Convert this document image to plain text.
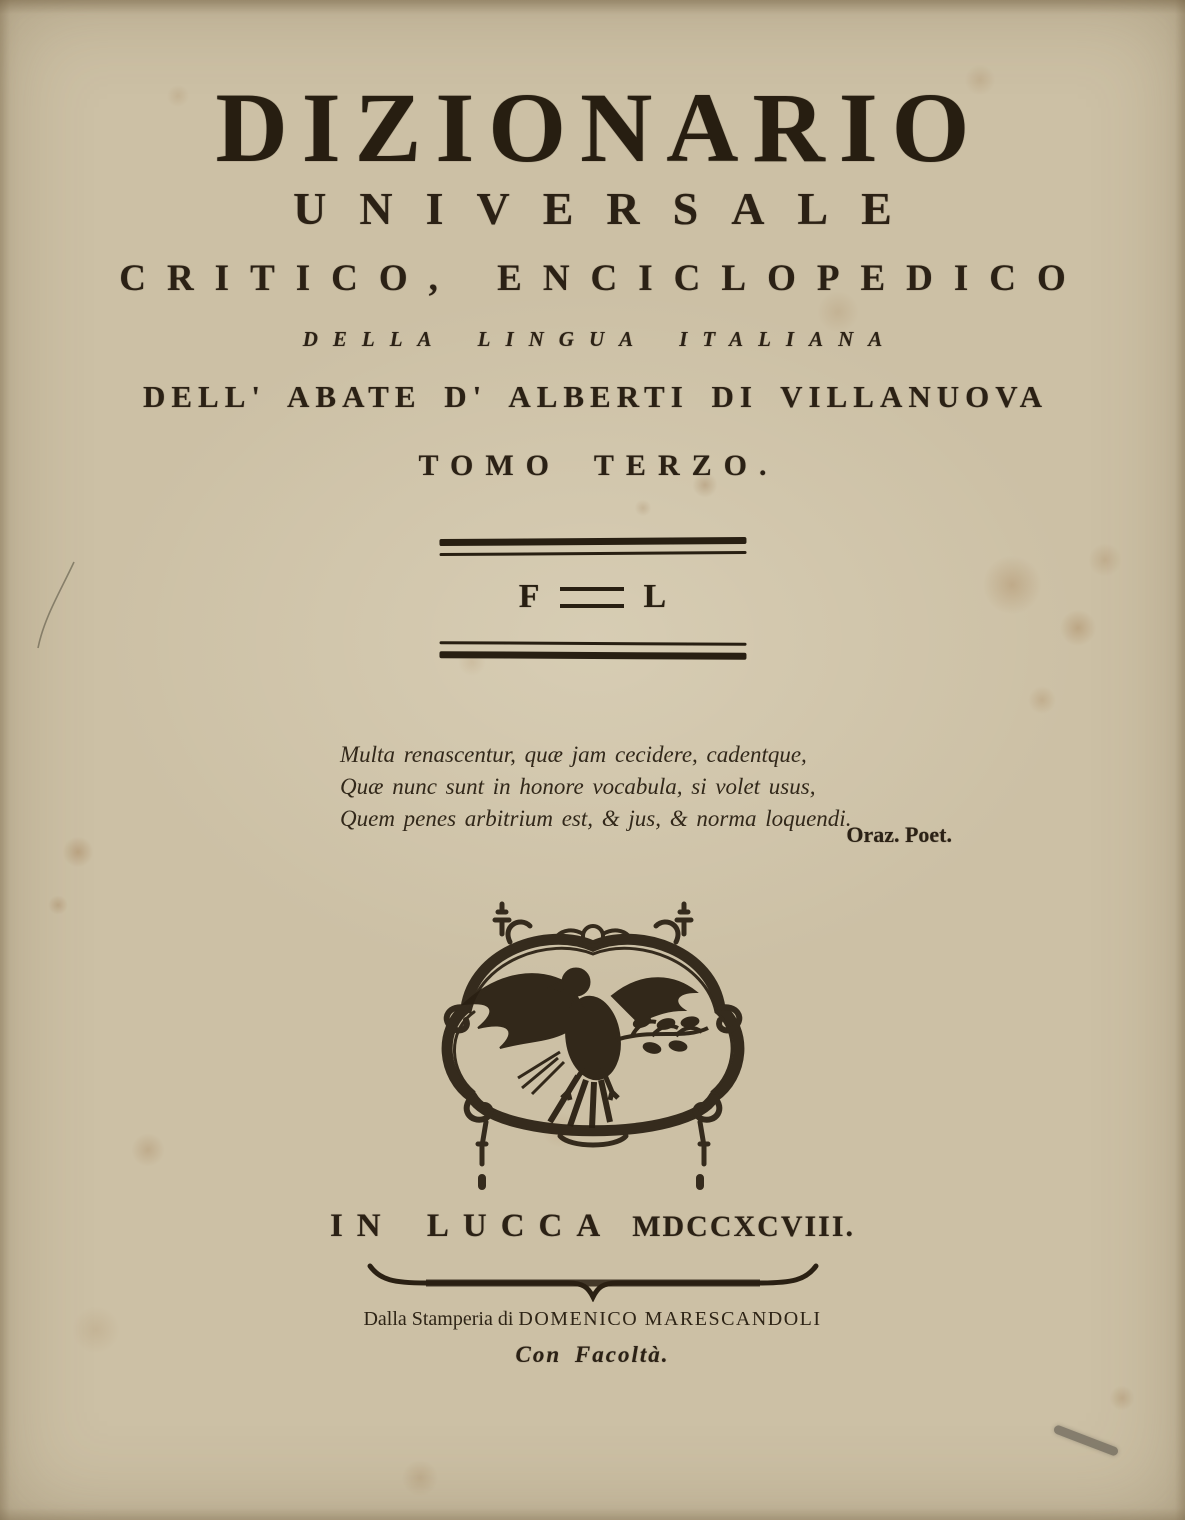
DIZIONARIO
UNIVERSALE
CRITICO, ENCICLOPEDICO
DELLA LINGUA ITALIANA
DELL' ABATE D' ALBERTI DI VILLANUOVA
TOMO TERZO.
F	L

Multa renascentur, quæ jam cecidere, cadentque,

Quæ nunc sunt in honore vocabula, si volet usus,

Quem penes arbitrium est, & jus, & norma loquendi.

Oraz. Poet.
IN LUCCA MDCCXCVIII.
Dalla Stamperia di DOMENICO MARESCANDOLI
Con Facoltà.
